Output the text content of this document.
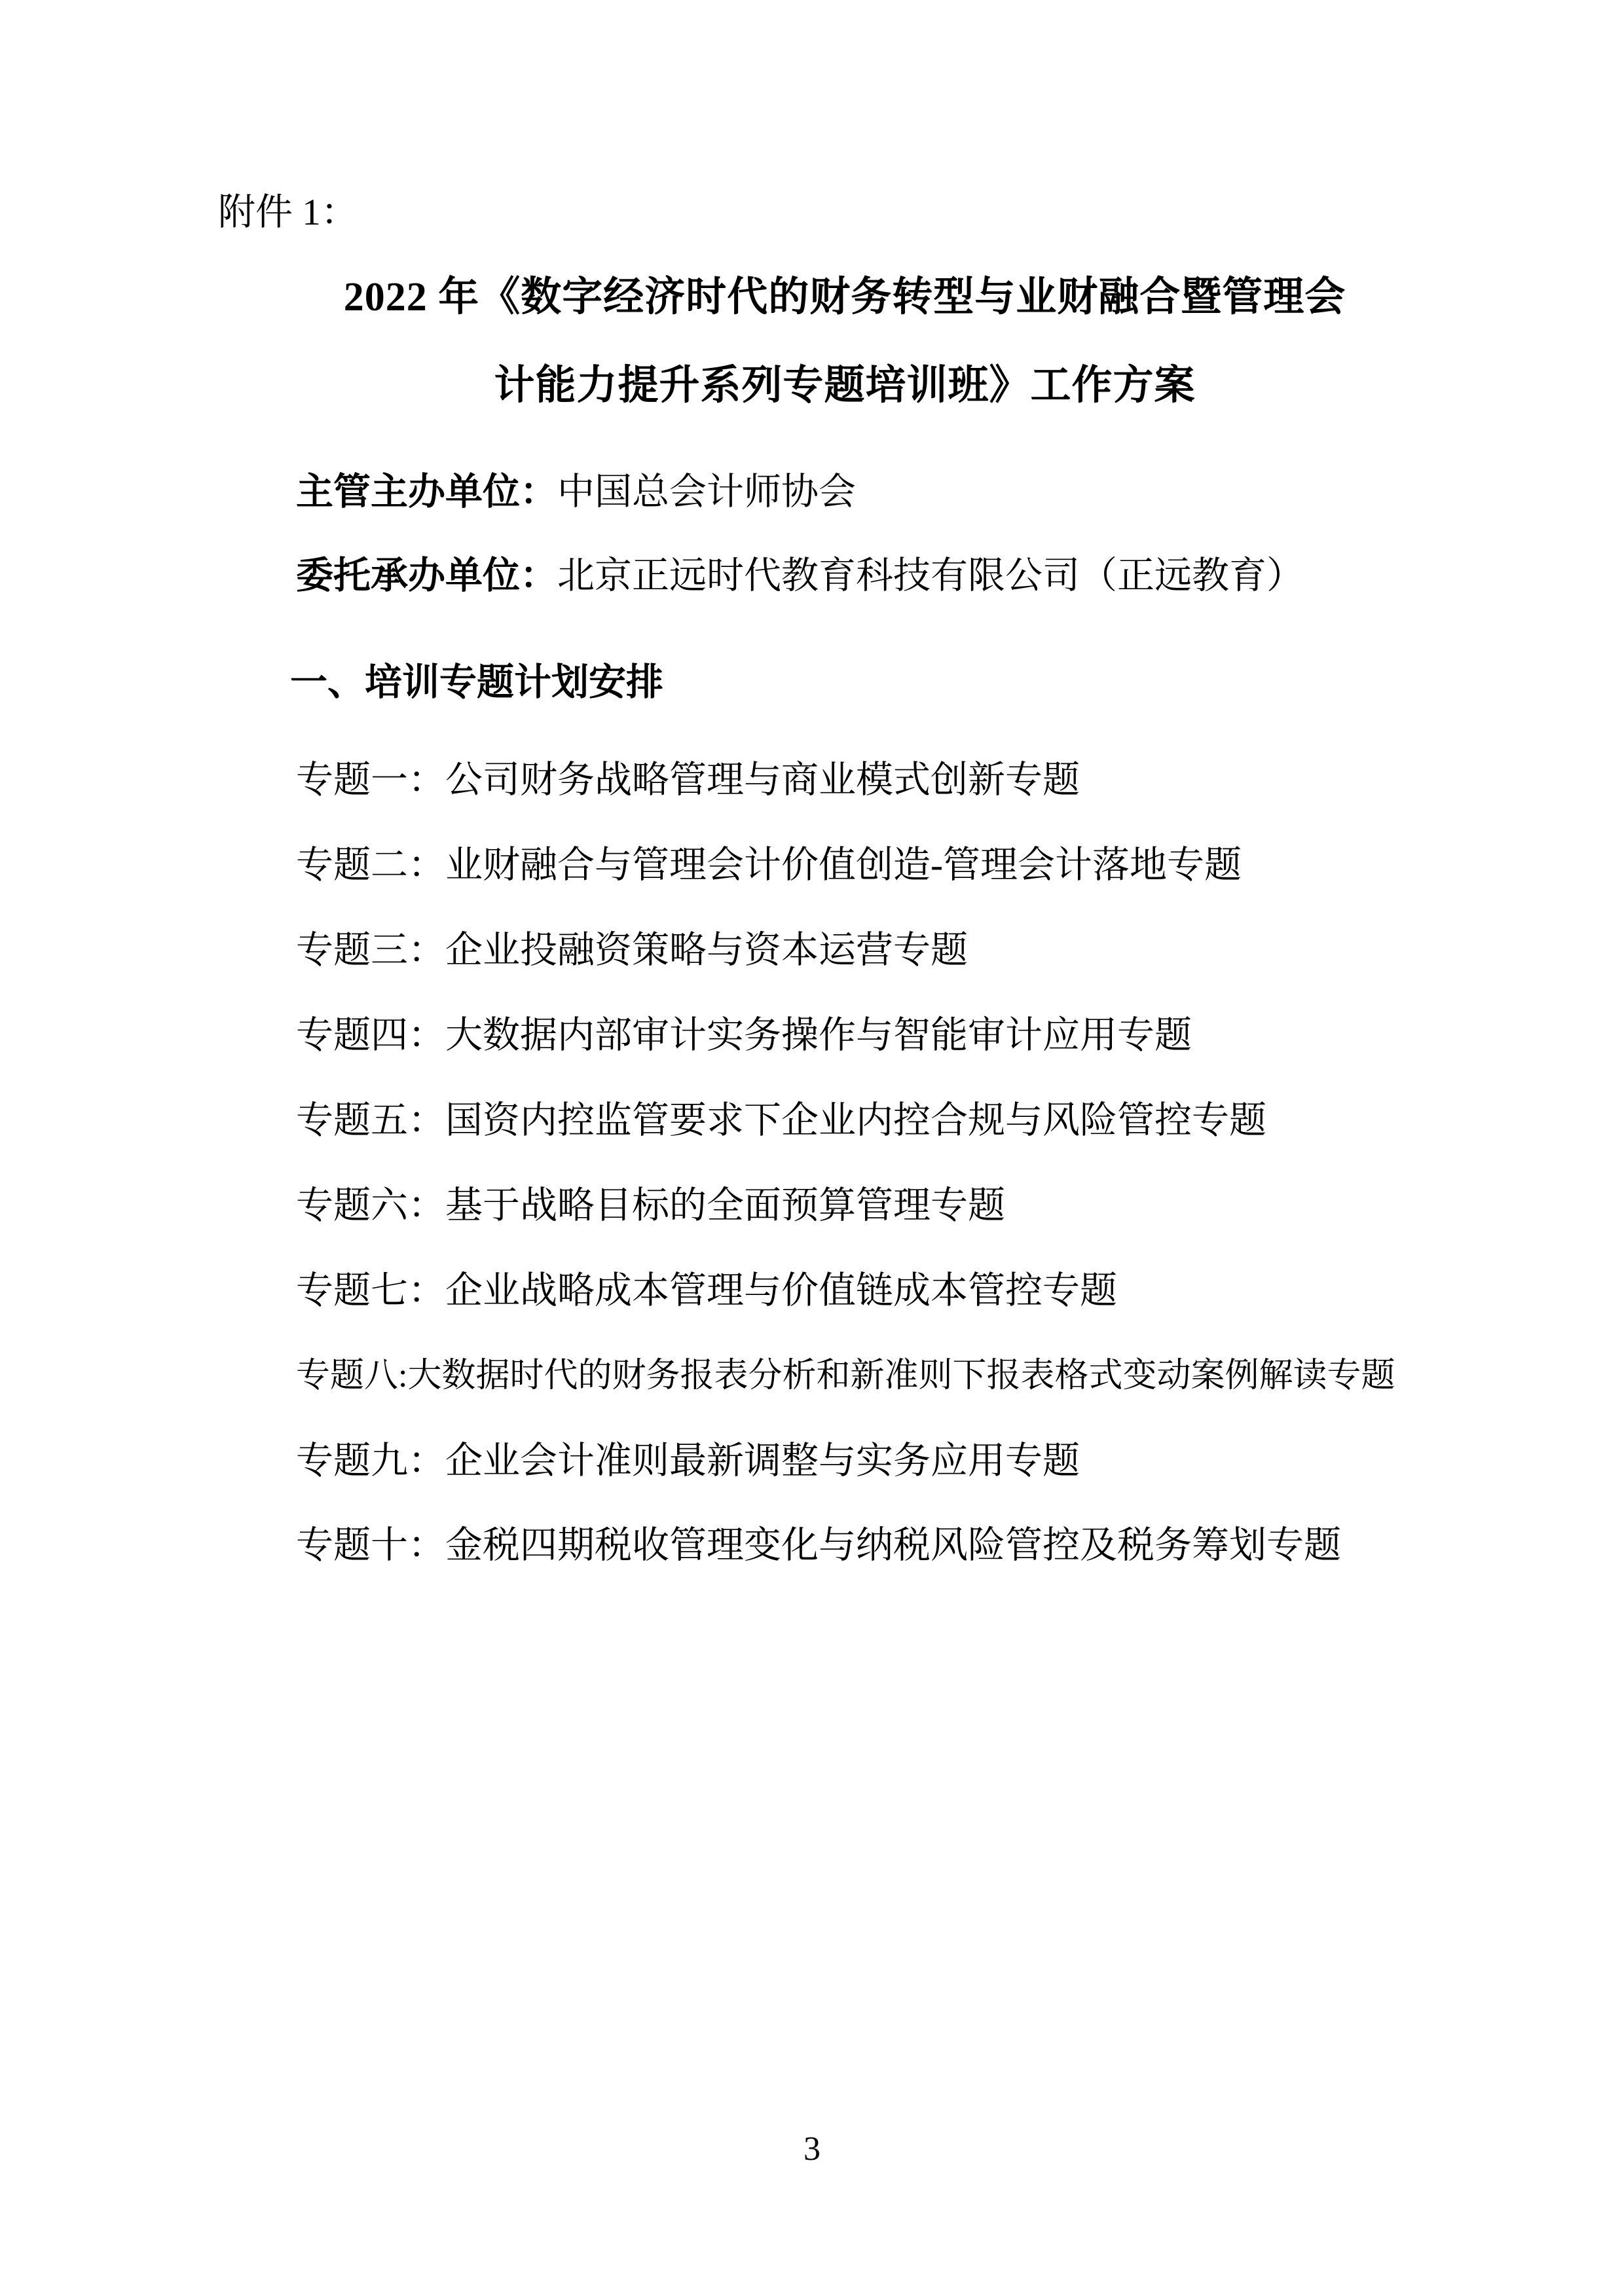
附件 1：
2022 年《数字经济时代的财务转型与业财融合暨管理会
计能力提升系列专题培训班》工作方案
主管主办单位：中国总会计师协会
委托承办单位：北京正远时代教育科技有限公司（正远教育）
一、培训专题计划安排
专题一：公司财务战略管理与商业模式创新专题
专题二：业财融合与管理会计价值创造-管理会计落地专题
专题三：企业投融资策略与资本运营专题
专题四：大数据内部审计实务操作与智能审计应用专题
专题五：国资内控监管要求下企业内控合规与风险管控专题
专题六：基于战略目标的全面预算管理专题
专题七：企业战略成本管理与价值链成本管控专题
专题八:大数据时代的财务报表分析和新准则下报表格式变动案例解读专题
专题九：企业会计准则最新调整与实务应用专题
专题十：金税四期税收管理变化与纳税风险管控及税务筹划专题
3
